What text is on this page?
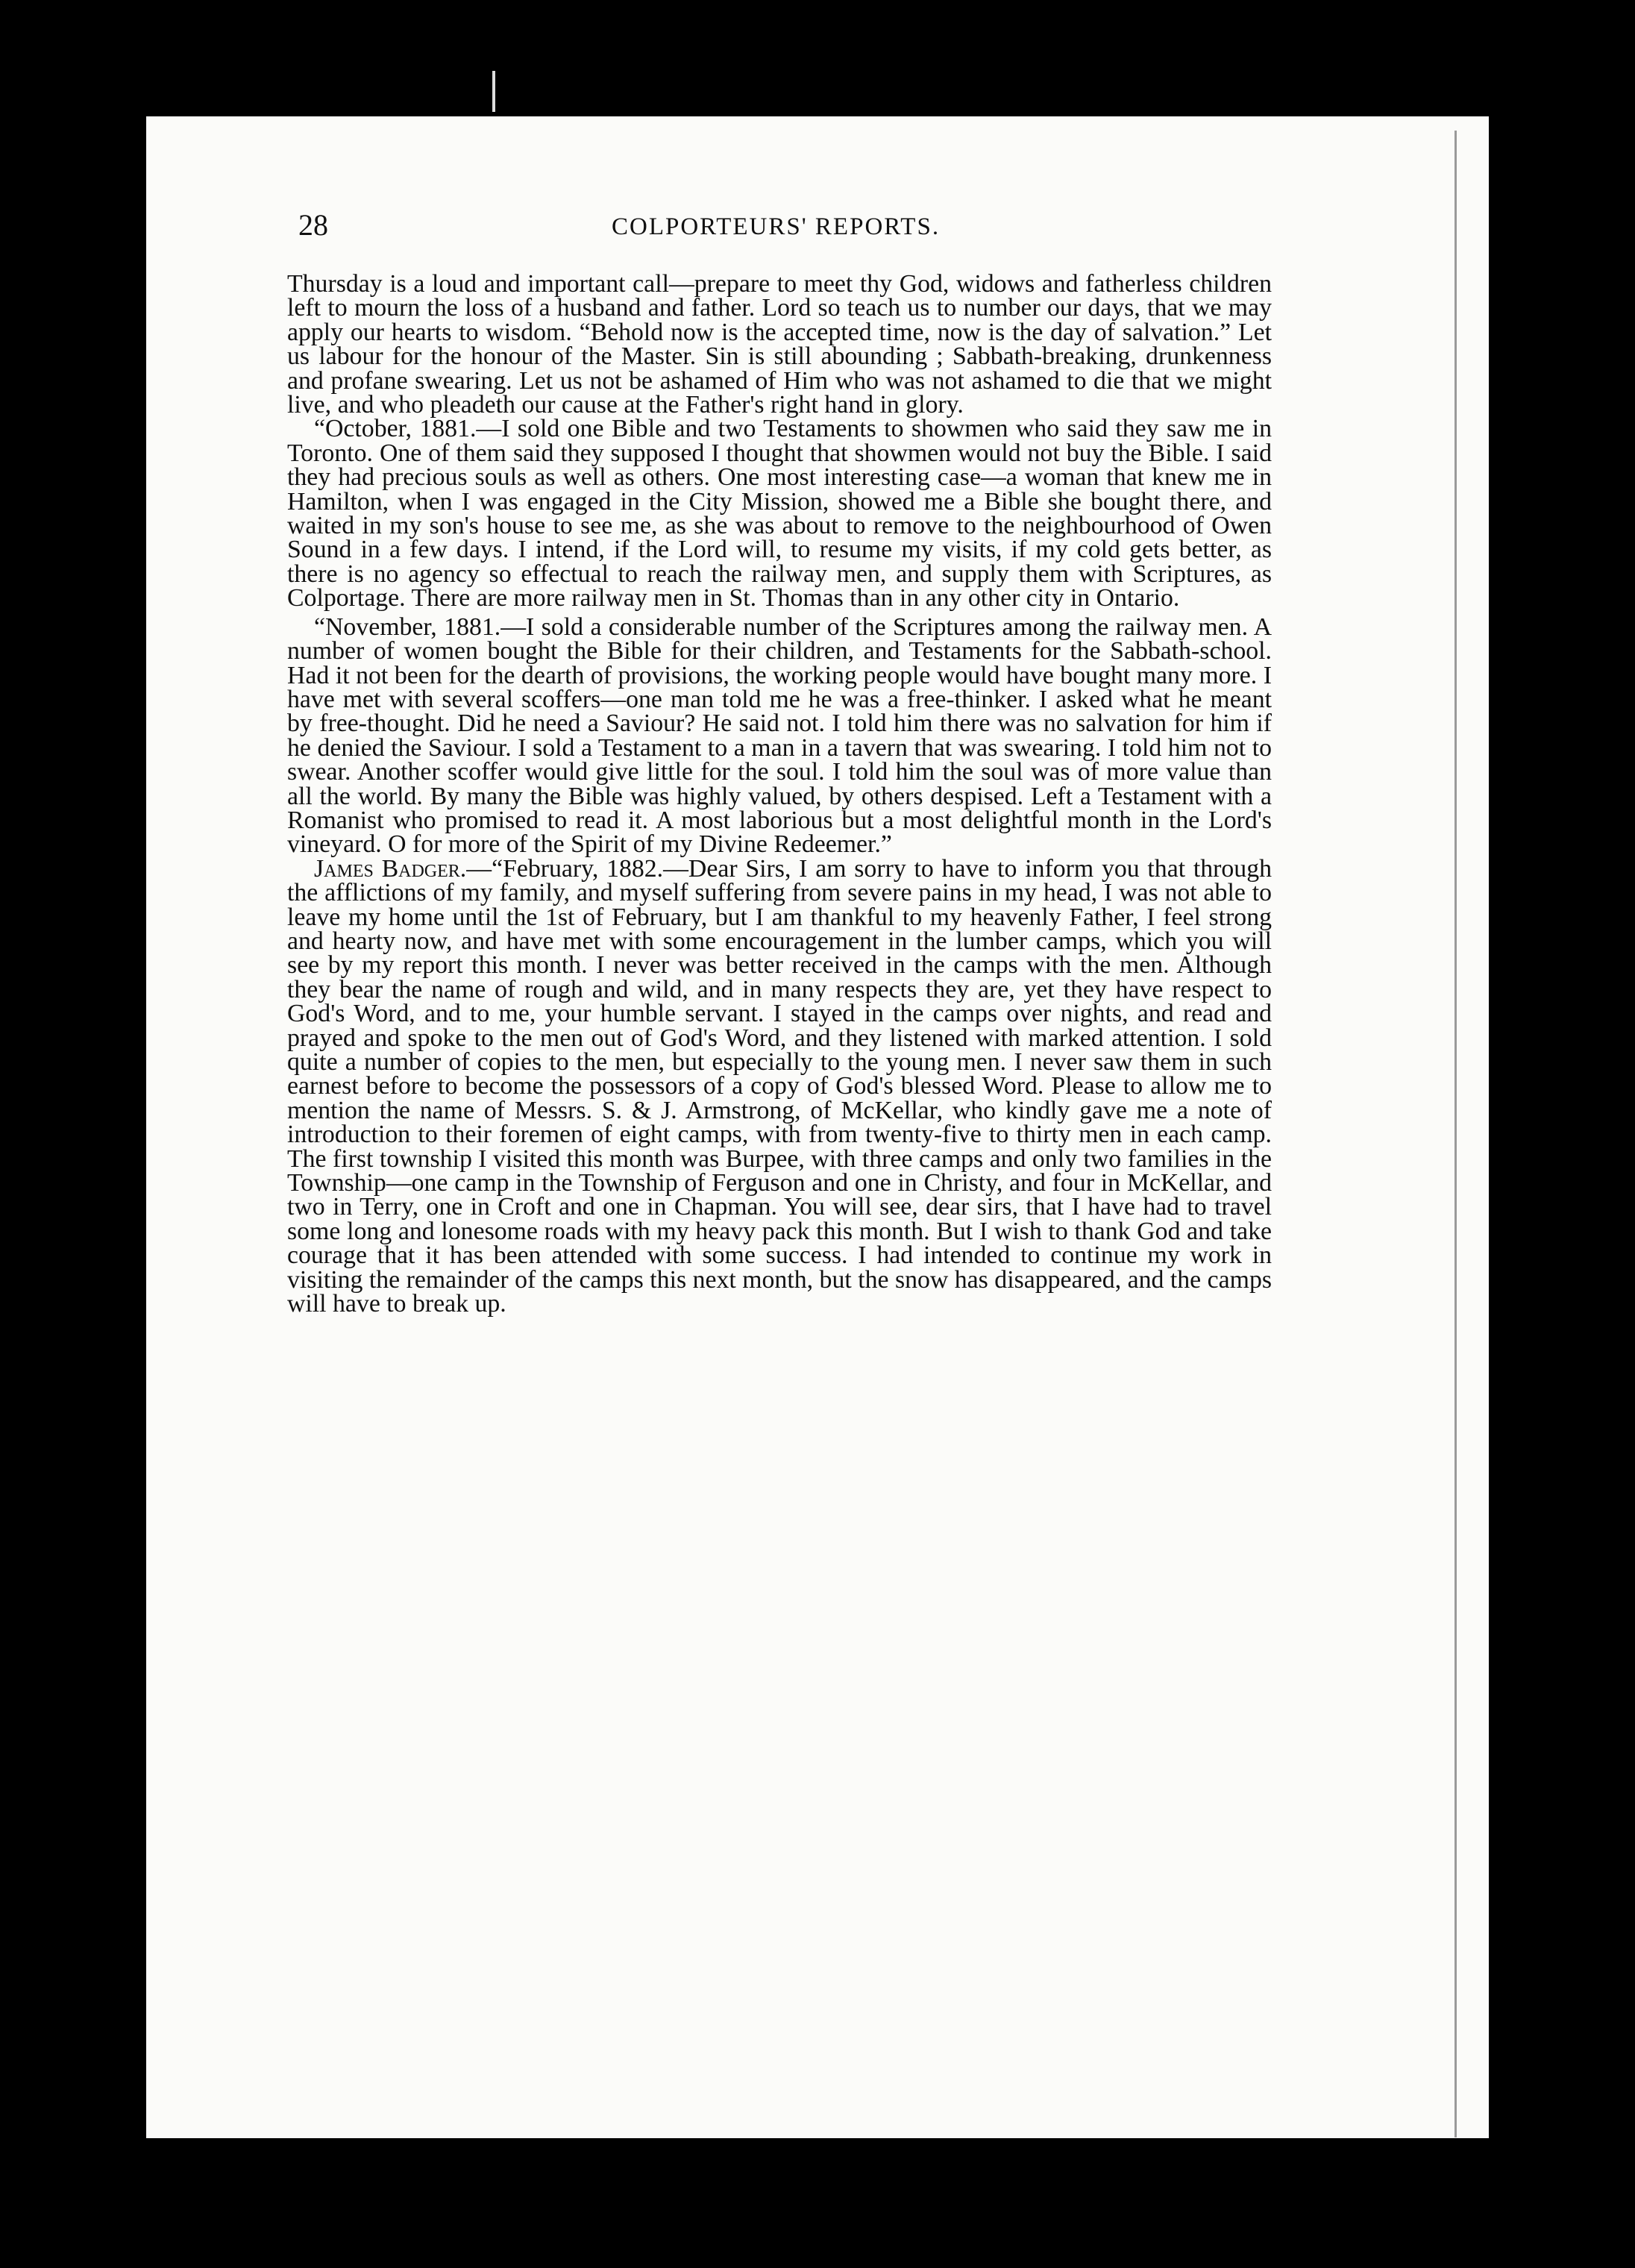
28	COLPORTEURS' REPORTS.

Thursday is a loud and important call—prepare to meet thy God, widows and fatherless children left to mourn the loss of a husband and father. Lord so teach us to number our days, that we may apply our hearts to wisdom. “Behold now is the accepted time, now is the day of salvation.” Let us labour for the honour of the Master. Sin is still abounding ; Sabbath-breaking, drunkenness and profane swearing. Let us not be ashamed of Him who was not ashamed to die that we might live, and who pleadeth our cause at the Father's right hand in glory.

“October, 1881.—I sold one Bible and two Testaments to showmen who said they saw me in Toronto. One of them said they supposed I thought that showmen would not buy the Bible. I said they had precious souls as well as others. One most interesting case—a woman that knew me in Hamilton, when I was engaged in the City Mission, showed me a Bible she bought there, and waited in my son's house to see me, as she was about to remove to the neighbourhood of Owen Sound in a few days. I intend, if the Lord will, to resume my visits, if my cold gets better, as there is no agency so effectual to reach the railway men, and supply them with Scriptures, as Colportage. There are more railway men in St. Thomas than in any other city in Ontario.

“November, 1881.—I sold a considerable number of the Scriptures among the railway men. A number of women bought the Bible for their children, and Testaments for the Sabbath-school. Had it not been for the dearth of provisions, the working people would have bought many more. I have met with several scoffers—one man told me he was a free-thinker. I asked what he meant by free-thought. Did he need a Saviour? He said not. I told him there was no salvation for him if he denied the Saviour. I sold a Testament to a man in a tavern that was swearing. I told him not to swear. Another scoffer would give little for the soul. I told him the soul was of more value than all the world. By many the Bible was highly valued, by others despised. Left a Testament with a Romanist who promised to read it. A most laborious but a most delightful month in the Lord's vineyard. O for more of the Spirit of my Divine Redeemer.”

James Badger.—“February, 1882.—Dear Sirs, I am sorry to have to inform you that through the afflictions of my family, and myself suffering from severe pains in my head, I was not able to leave my home until the 1st of February, but I am thankful to my heavenly Father, I feel strong and hearty now, and have met with some encouragement in the lumber camps, which you will see by my report this month. I never was better received in the camps with the men. Although they bear the name of rough and wild, and in many respects they are, yet they have respect to God's Word, and to me, your humble servant. I stayed in the camps over nights, and read and prayed and spoke to the men out of God's Word, and they listened with marked attention. I sold quite a number of copies to the men, but especially to the young men. I never saw them in such earnest before to become the possessors of a copy of God's blessed Word. Please to allow me to mention the name of Messrs. S. & J. Armstrong, of McKellar, who kindly gave me a note of introduction to their foremen of eight camps, with from twenty-five to thirty men in each camp. The first township I visited this month was Burpee, with three camps and only two families in the Township—one camp in the Township of Ferguson and one in Christy, and four in McKellar, and two in Terry, one in Croft and one in Chapman. You will see, dear sirs, that I have had to travel some long and lonesome roads with my heavy pack this month. But I wish to thank God and take courage that it has been attended with some success. I had intended to continue my work in visiting the remainder of the camps this next month, but the snow has disappeared, and the camps will have to break up.
